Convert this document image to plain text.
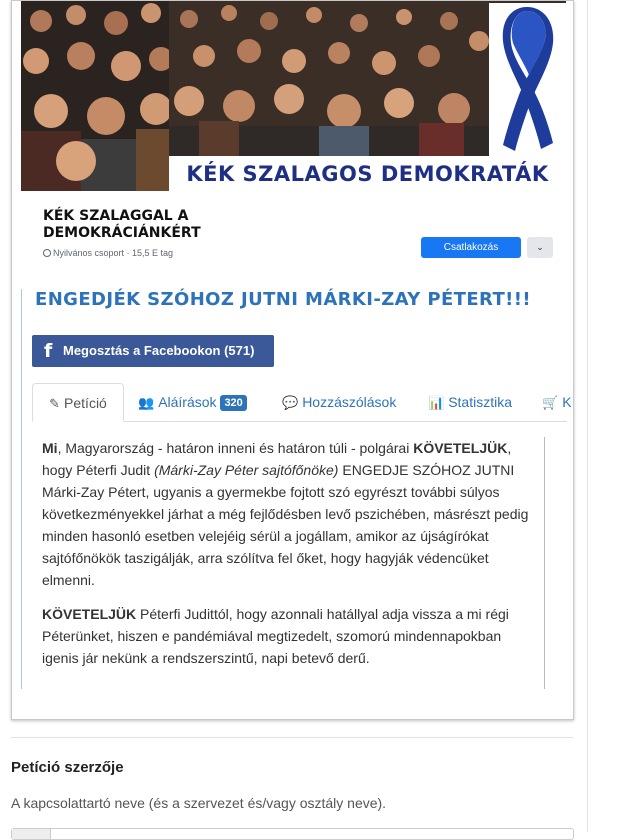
KÉK SZALAGOS DEMOKRATÁK
KÉK SZALAGGAL A DEMOKRÁCIÁNKÉRT
Nyilvános csoport · 15,5 E tag	Csatlakozás	⌄
ENGEDJÉK SZÓHOZ JUTNI MÁRKI-ZAY PÉTERT!!!
f Megosztás a Facebookon (571)
✎ Petíció	👥 Aláírások 320	💬 Hozzászólások 📊 Statisztika 🛒 K

Mi, Magyarország - határon inneni és határon túli - polgárai KÖVETELJÜK, hogy Péterfi Judit (Márki-Zay Péter sajtófőnöke) ENGEDJE SZÓHOZ JUTNI Márki-Zay Pétert, ugyanis a gyermekbe fojtott szó egyrészt további súlyos következményekkel járhat a még fejlődésben levő pszichében, másrészt pedig minden hasonló esetben velejéig sérül a jogállam, amikor az újságírókat sajtófőnökök taszigálják, arra szólítva fel őket, hogy hagyják védencüket elmenni.

KÖVETELJÜK Péterfi Judittól, hogy azonnali hatállyal adja vissza a mi régi Péterünket, hiszen e pandémiával megtizedelt, szomorú mindennapokban igenis jár nekünk a rendszerszintű, napi betevő derű.

Petíció szerzője
A kapcsolattartó neve (és a szervezet és/vagy osztály neve).
